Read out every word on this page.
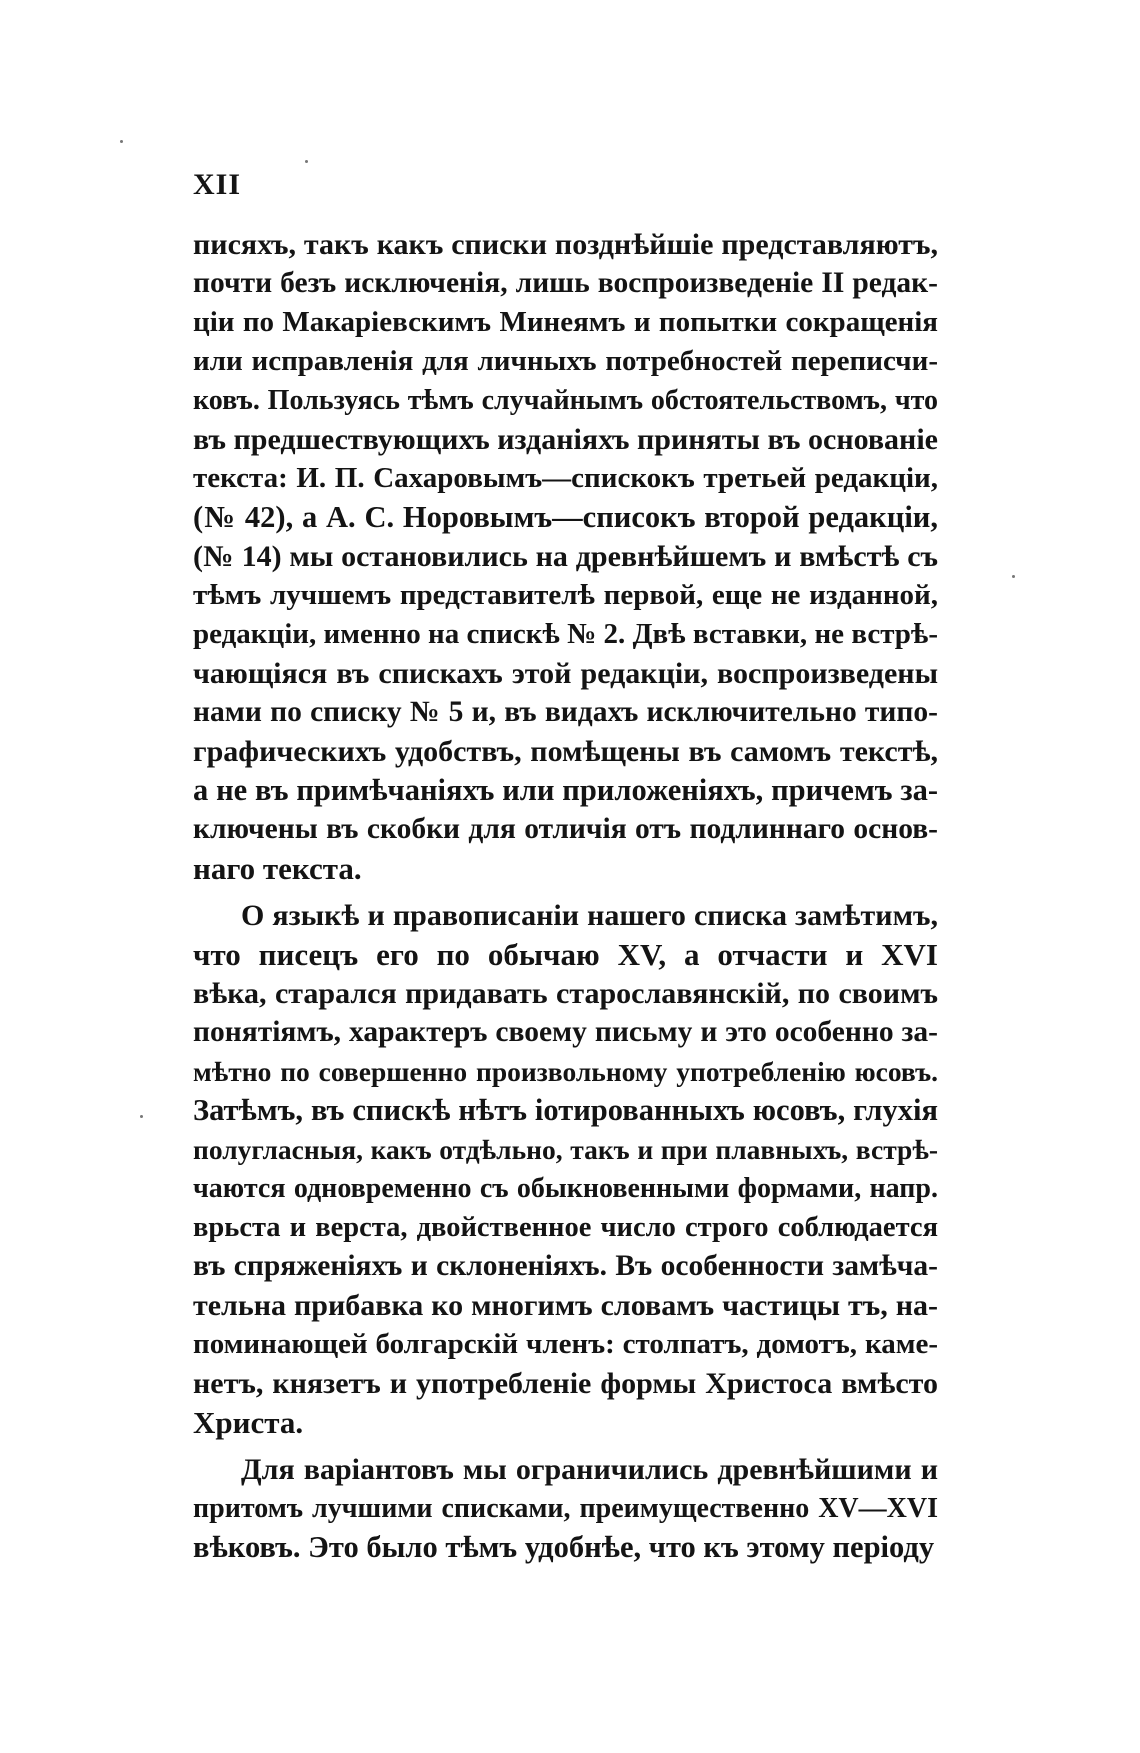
XII
писяхъ, такъ какъ списки позднѣйшіе представляютъ,
почти безъ исключенія, лишь воспроизведеніе II редак-
ціи по Макаріевскимъ Минеямъ и попытки сокращенія
или исправленія для личныхъ потребностей переписчи-
ковъ. Пользуясь тѣмъ случайнымъ обстоятельствомъ, что
въ предшествующихъ изданіяхъ приняты въ основаніе
текста: И. П. Сахаровымъ—спискокъ третьей редакціи,
(№ 42), а А. С. Норовымъ—списокъ второй редакціи,
(№ 14) мы остановились на древнѣйшемъ и вмѣстѣ съ
тѣмъ лучшемъ представителѣ первой, еще не изданной,
редакціи, именно на спискѣ № 2. Двѣ вставки, не встрѣ-
чающіяся въ спискахъ этой редакціи, воспроизведены
нами по списку № 5 и, въ видахъ исключительно типо-
графическихъ удобствъ, помѣщены въ самомъ текстѣ,
а не въ примѣчаніяхъ или приложеніяхъ, причемъ за-
ключены въ скобки для отличія отъ подлиннаго основ-
наго текста.
О языкѣ и правописаніи нашего списка замѣтимъ,
что писецъ его по обычаю XV, а отчасти и XVI
вѣка, старался придавать старославянскій, по своимъ
понятіямъ, характеръ своему письму и это особенно за-
мѣтно по совершенно произвольному употребленію юсовъ.
Затѣмъ, въ спискѣ нѣтъ іотированныхъ юсовъ, глухія
полугласныя, какъ отдѣльно, такъ и при плавныхъ, встрѣ-
чаются одновременно съ обыкновенными формами, напр.
врьста и верста, двойственное число строго соблюдается
въ спряженіяхъ и склоненіяхъ. Въ особенности замѣча-
тельна прибавка ко многимъ словамъ частицы тъ, на-
поминающей болгарскій членъ: столпатъ, домотъ, каме-
нетъ, князетъ и употребленіе формы Христоса вмѣсто
Христа.
Для варіантовъ мы ограничились древнѣйшими и
притомъ лучшими списками, преимущественно XV—XVI
вѣковъ. Это было тѣмъ удобнѣе, что къ этому періоду
